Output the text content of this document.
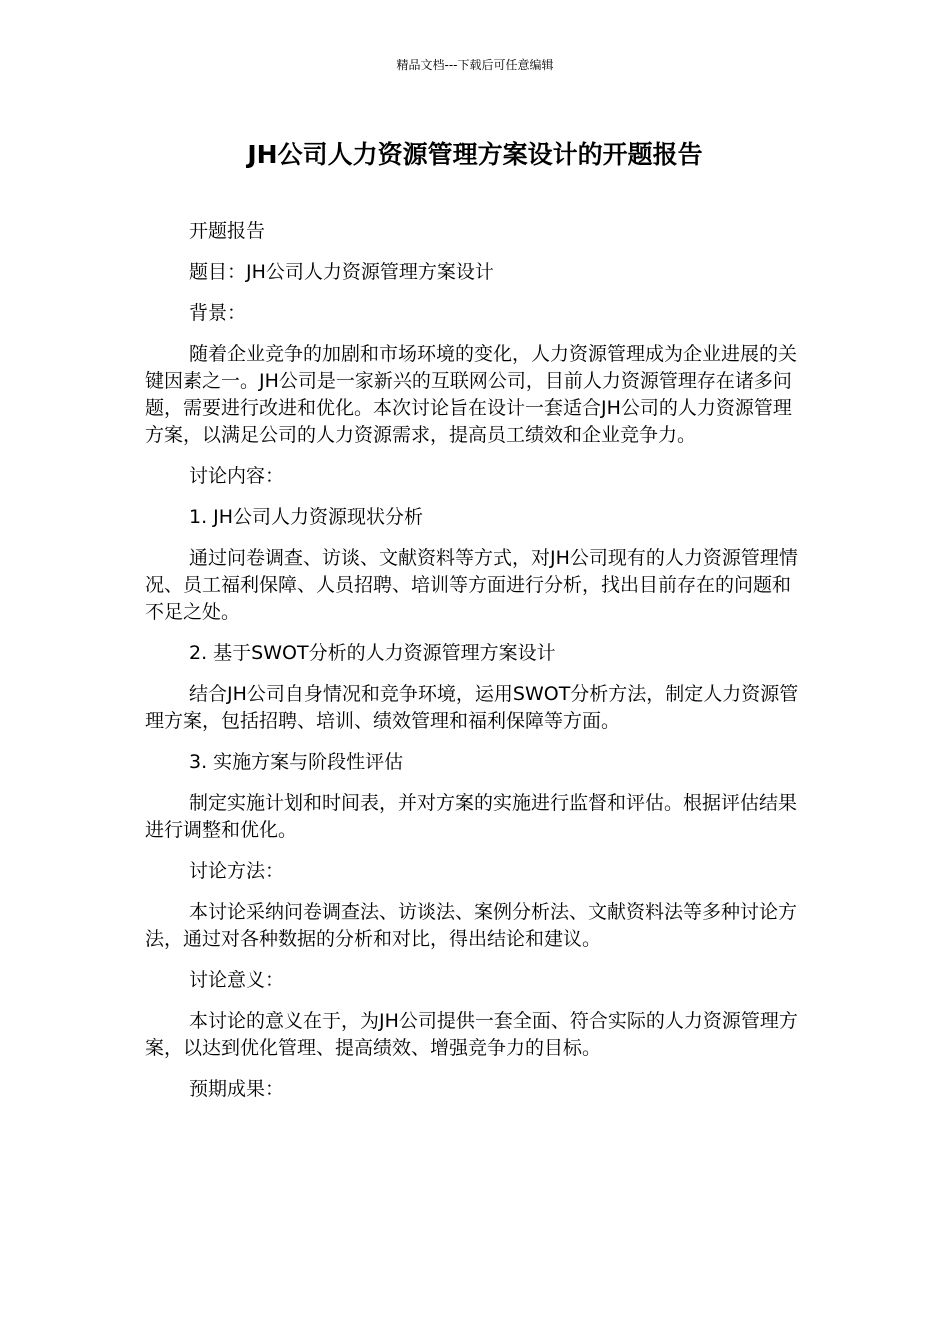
精品文档---下载后可任意编辑
JH公司人力资源管理方案设计的开题报告

开题报告

题目：JH公司人力资源管理方案设计

背景：

随着企业竞争的加剧和市场环境的变化，人力资源管理成为企业进展的关键因素之一。JH公司是一家新兴的互联网公司，目前人力资源管理存在诸多问题，需要进行改进和优化。本次讨论旨在设计一套适合JH公司的人力资源管理方案，以满足公司的人力资源需求，提高员工绩效和企业竞争力。

讨论内容：

1. JH公司人力资源现状分析

通过问卷调查、访谈、文献资料等方式，对JH公司现有的人力资源管理情况、员工福利保障、人员招聘、培训等方面进行分析，找出目前存在的问题和不足之处。

2. 基于SWOT分析的人力资源管理方案设计

结合JH公司自身情况和竞争环境，运用SWOT分析方法，制定人力资源管理方案，包括招聘、培训、绩效管理和福利保障等方面。

3. 实施方案与阶段性评估

制定实施计划和时间表，并对方案的实施进行监督和评估。根据评估结果进行调整和优化。

讨论方法：

本讨论采纳问卷调查法、访谈法、案例分析法、文献资料法等多种讨论方法，通过对各种数据的分析和对比，得出结论和建议。

讨论意义：

本讨论的意义在于，为JH公司提供一套全面、符合实际的人力资源管理方案，以达到优化管理、提高绩效、增强竞争力的目标。

预期成果：
